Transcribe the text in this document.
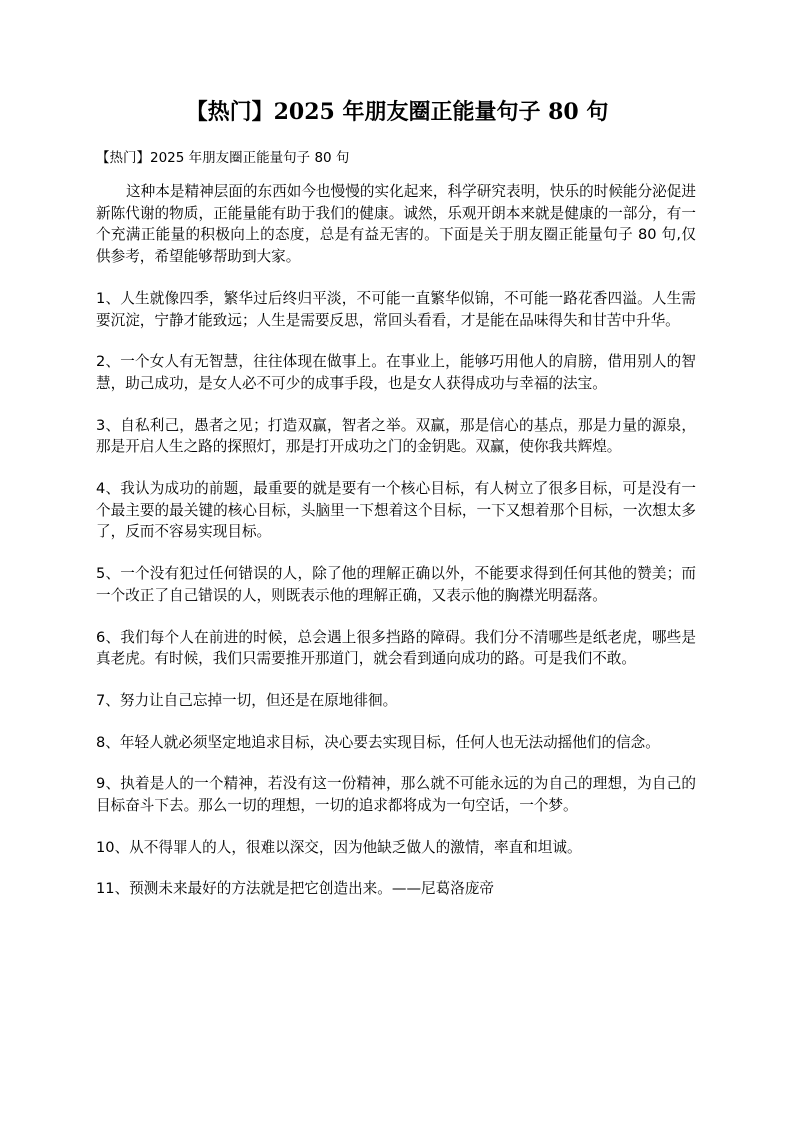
【热门】2025 年朋友圈正能量句子 80 句
【热门】2025 年朋友圈正能量句子 80 句

这种本是精神层面的东西如今也慢慢的实化起来，科学研究表明，快乐的时候能分泌促进新陈代谢的物质，正能量能有助于我们的健康。诚然，乐观开朗本来就是健康的一部分，有一个充满正能量的积极向上的态度，总是有益无害的。下面是关于朋友圈正能量句子 80 句,仅供参考，希望能够帮助到大家。

1、人生就像四季，繁华过后终归平淡，不可能一直繁华似锦，不可能一路花香四溢。人生需要沉淀，宁静才能致远；人生是需要反思，常回头看看，才是能在品味得失和甘苦中升华。

2、一个女人有无智慧，往往体现在做事上。在事业上，能够巧用他人的肩膀，借用别人的智慧，助己成功，是女人必不可少的成事手段，也是女人获得成功与幸福的法宝。

3、自私利己，愚者之见；打造双赢，智者之举。双赢，那是信心的基点，那是力量的源泉，那是开启人生之路的探照灯，那是打开成功之门的金钥匙。双赢，使你我共辉煌。

4、我认为成功的前题，最重要的就是要有一个核心目标，有人树立了很多目标，可是没有一个最主要的最关键的核心目标，头脑里一下想着这个目标，一下又想着那个目标，一次想太多了，反而不容易实现目标。

5、一个没有犯过任何错误的人，除了他的理解正确以外，不能要求得到任何其他的赞美；而一个改正了自己错误的人，则既表示他的理解正确，又表示他的胸襟光明磊落。

6、我们每个人在前进的时候，总会遇上很多挡路的障碍。我们分不清哪些是纸老虎，哪些是真老虎。有时候，我们只需要推开那道门，就会看到通向成功的路。可是我们不敢。

7、努力让自己忘掉一切，但还是在原地徘徊。

8、年轻人就必须坚定地追求目标，决心要去实现目标，任何人也无法动摇他们的信念。

9、执着是人的一个精神，若没有这一份精神，那么就不可能永远的为自己的理想，为自己的目标奋斗下去。那么一切的理想，一切的追求都将成为一句空话，一个梦。

10、从不得罪人的人，很难以深交，因为他缺乏做人的激情，率直和坦诚。

11、预测未来最好的方法就是把它创造出来。——尼葛洛庞帝
